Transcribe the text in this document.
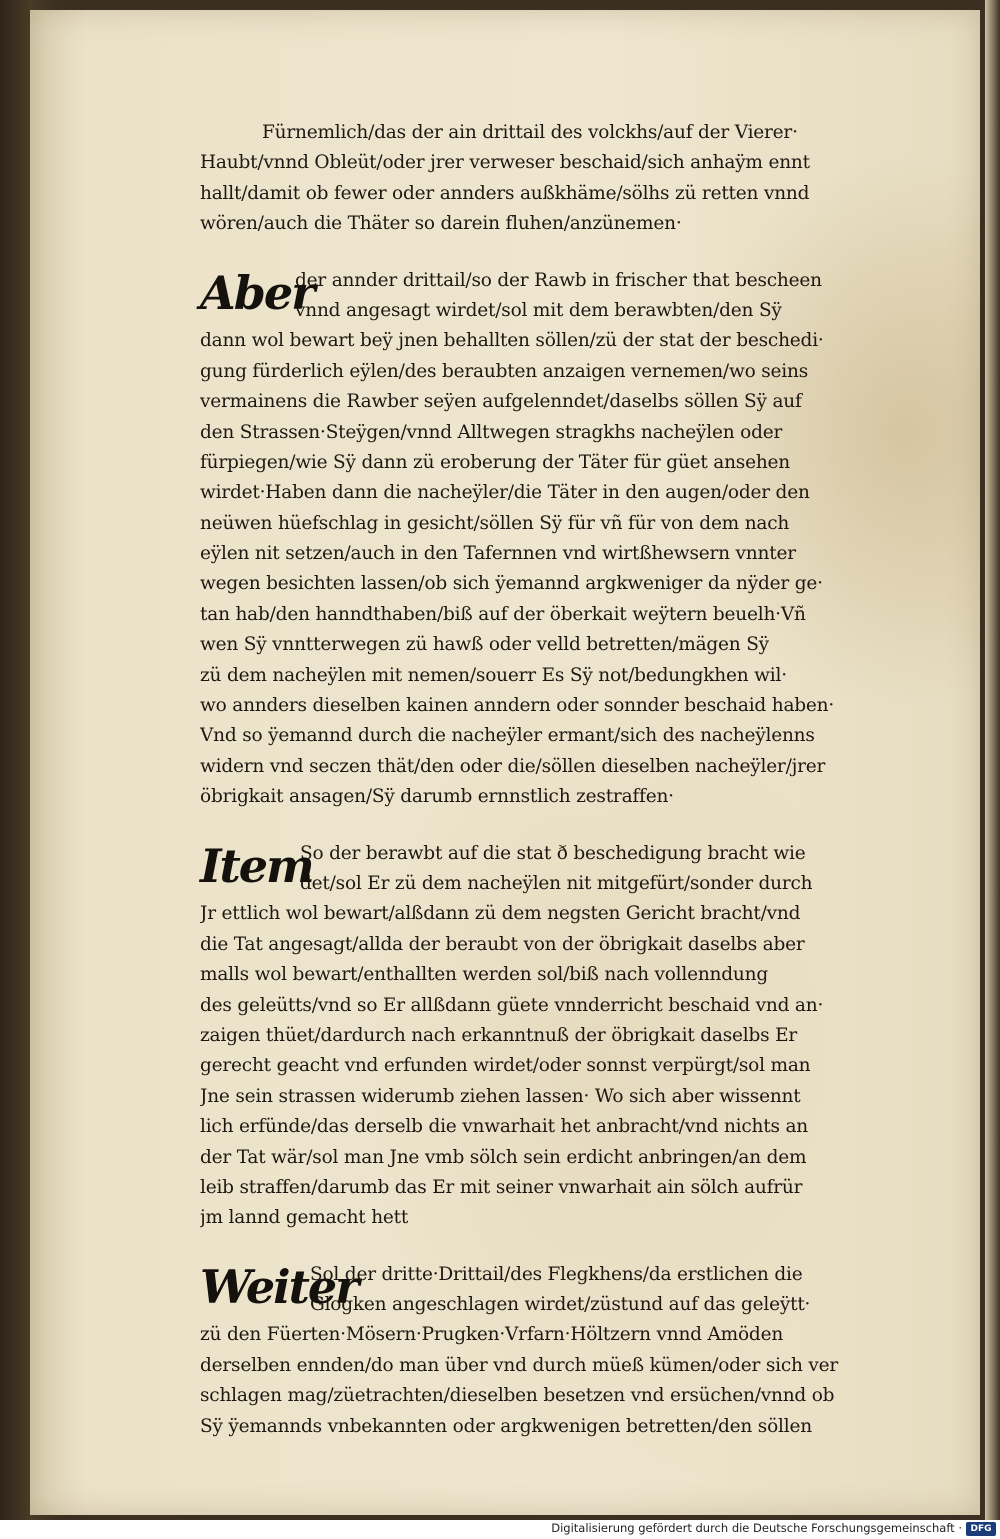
Fürnemlich/das der ain drittail des volckhs/auf der Vierer·
Haubt/vnnd Obleüt/oder jrer verweser beschaid/sich anhaÿm ennt
hallt/damit ob fewer oder annders außkhäme/sölhs zü retten vnnd
wören/auch die Thäter so darein fluhen/anzünemen·
Aber
der annder drittail/so der Rawb in frischer that bescheen
vnnd angesagt wirdet/sol mit dem berawbten/den Sÿ
dann wol bewart beÿ jnen behallten söllen/zü der stat der beschedi·
gung fürderlich eÿlen/des beraubten anzaigen vernemen/wo seins
vermainens die Rawber seÿen aufgelenndet/daselbs söllen Sÿ auf
den Strassen·Steÿgen/vnnd Alltwegen stragkhs nacheÿlen oder
fürpiegen/wie Sÿ dann zü eroberung der Täter für güet ansehen
wirdet·Haben dann die nacheÿler/die Täter in den augen/oder den
neüwen hüefschlag in gesicht/söllen Sÿ für vñ für von dem nach
eÿlen nit setzen/auch in den Tafernnen vnd wirtßhewsern vnnter
wegen besichten lassen/ob sich ÿemannd argkweniger da nÿder ge·
tan hab/den hanndthaben/biß auf der öberkait weÿtern beuelh·Vñ
wen Sÿ vnntterwegen zü hawß oder velld betretten/mägen Sÿ
zü dem nacheÿlen mit nemen/souerr Es Sÿ not/bedungkhen wil·
wo annders dieselben kainen anndern oder sonnder beschaid haben·
Vnd so ÿemannd durch die nacheÿler ermant/sich des nacheÿlenns
widern vnd seczen thät/den oder die/söllen dieselben nacheÿler/jrer
öbrigkait ansagen/Sÿ darumb ernnstlich zestraffen·
Item
So der berawbt auf die stat ð beschedigung bracht wie
det/sol Er zü dem nacheÿlen nit mitgefürt/sonder durch
Jr ettlich wol bewart/alßdann zü dem negsten Gericht bracht/vnd
die Tat angesagt/allda der beraubt von der öbrigkait daselbs aber
malls wol bewart/enthallten werden sol/biß nach vollenndung
des geleütts/vnd so Er allßdann güete vnnderricht beschaid vnd an·
zaigen thüet/dardurch nach erkanntnuß der öbrigkait daselbs Er
gerecht geacht vnd erfunden wirdet/oder sonnst verpürgt/sol man
Jne sein strassen widerumb ziehen lassen· Wo sich aber wissennt
lich erfünde/das derselb die vnwarhait het anbracht/vnd nichts an
der Tat wär/sol man Jne vmb sölch sein erdicht anbringen/an dem
leib straffen/darumb das Er mit seiner vnwarhait ain sölch aufrür
jm lannd gemacht hett
Weiter
Sol der dritte·Drittail/des Flegkhens/da erstlichen die
Glogken angeschlagen wirdet/züstund auf das geleÿtt·
zü den Füerten·Mösern·Prugken·Vrfarn·Höltzern vnnd Amöden
derselben ennden/do man über vnd durch müeß kümen/oder sich ver
schlagen mag/züetrachten/dieselben besetzen vnd ersüchen/vnnd ob
Sÿ ÿemannds vnbekannten oder argkwenigen betretten/den söllen
Digitalisierung gefördert durch die Deutsche Forschungsgemeinschaft · DFG
